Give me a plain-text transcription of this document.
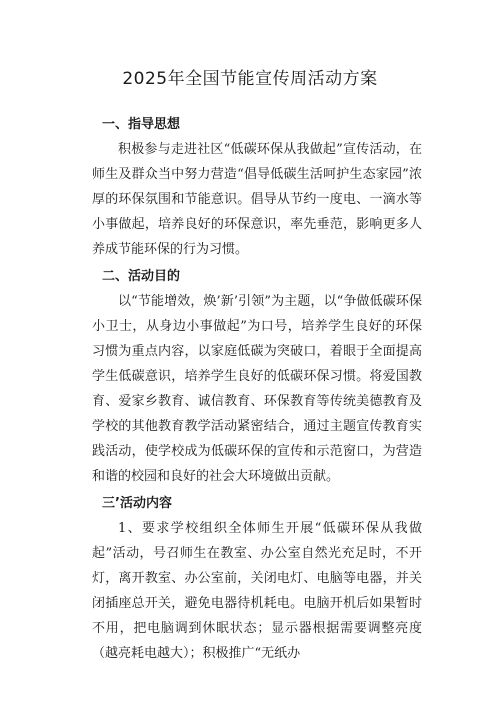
2025年全国节能宣传周活动方案

一、指导思想

积极参与走进社区“低碳环保从我做起”宣传活动，在师生及群众当中努力营造“倡导低碳生活呵护生态家园”浓厚的环保氛围和节能意识。倡导从节约一度电、一滴水等小事做起，培养良好的环保意识，率先垂范，影响更多人养成节能环保的行为习惯。

二、活动目的

以“节能增效，焕’新’引领”为主题，以“争做低碳环保小卫士，从身边小事做起”为口号，培养学生良好的环保习惯为重点内容，以家庭低碳为突破口，着眼于全面提高学生低碳意识，培养学生良好的低碳环保习惯。将爱国教育、爱家乡教育、诚信教育、环保教育等传统美德教育及学校的其他教育教学活动紧密结合，通过主题宣传教育实践活动，使学校成为低碳环保的宣传和示范窗口，为营造和谐的校园和良好的社会大环境做出贡献。

三’活动内容

1、要求学校组织全体师生开展“低碳环保从我做起”活动，号召师生在教室、办公室自然光充足时，不开灯，离开教室、办公室前，关闭电灯、电脑等电器，并关闭插座总开关，避免电器待机耗电。电脑开机后如果暂时不用，把电脑调到休眠状态；显示器根据需要调整亮度（越亮耗电越大）；积极推广“无纸办
